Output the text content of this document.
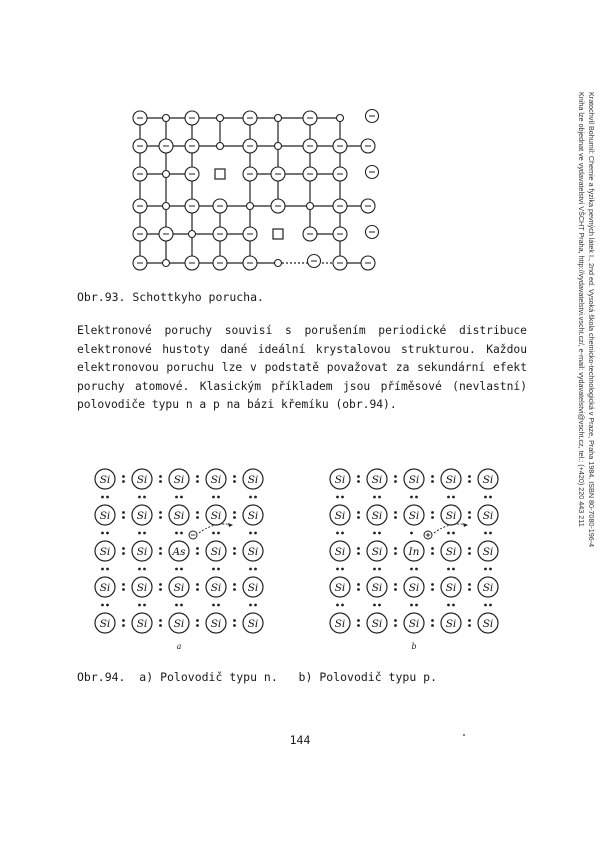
Kratochvíl Bohumil: Chemie a fyzika pevných látek I., 2nd ed. Vysoká škola chemicko-technologická v Praze, Praha 1984. ISBN 80-7080-196-4
Kniha lze objednat ve vydavatelství VŠCHT Praha, http://vydavatelstvi.vscht.cz/, e-mail: vydavatelstvi@vscht.cz, tel.: (+420) 220 443 211
Obr.93. Schottkyho porucha.
Elektronové poruchy souvisí s porušením periodické distribuce
elektronové hustoty dané ideální krystalovou strukturou. Každou
elektronovou poruchu lze v podstatě považovat za sekundární efekt
poruchy atomové. Klasickým příkladem jsou příměsové (nevlastní)
polovodiče typu n a p na bázi křemíku (obr.94).
Si	Si	Si	Si	Si
Si	Si	Si	Si	Si
Si	Si As Si	Si
Si	Si	Si	Si	Si
Si	Si	Si	Si	Si
a
Si	Si	Si	Si	Si
Si	Si	Si	Si	Si
Si	Si	In	Si	Si
Si	Si	Si	Si	Si
Si	Si	Si	Si	Si
b
Obr.94.  a) Polovodič typu n.   b) Polovodič typu p.
144
